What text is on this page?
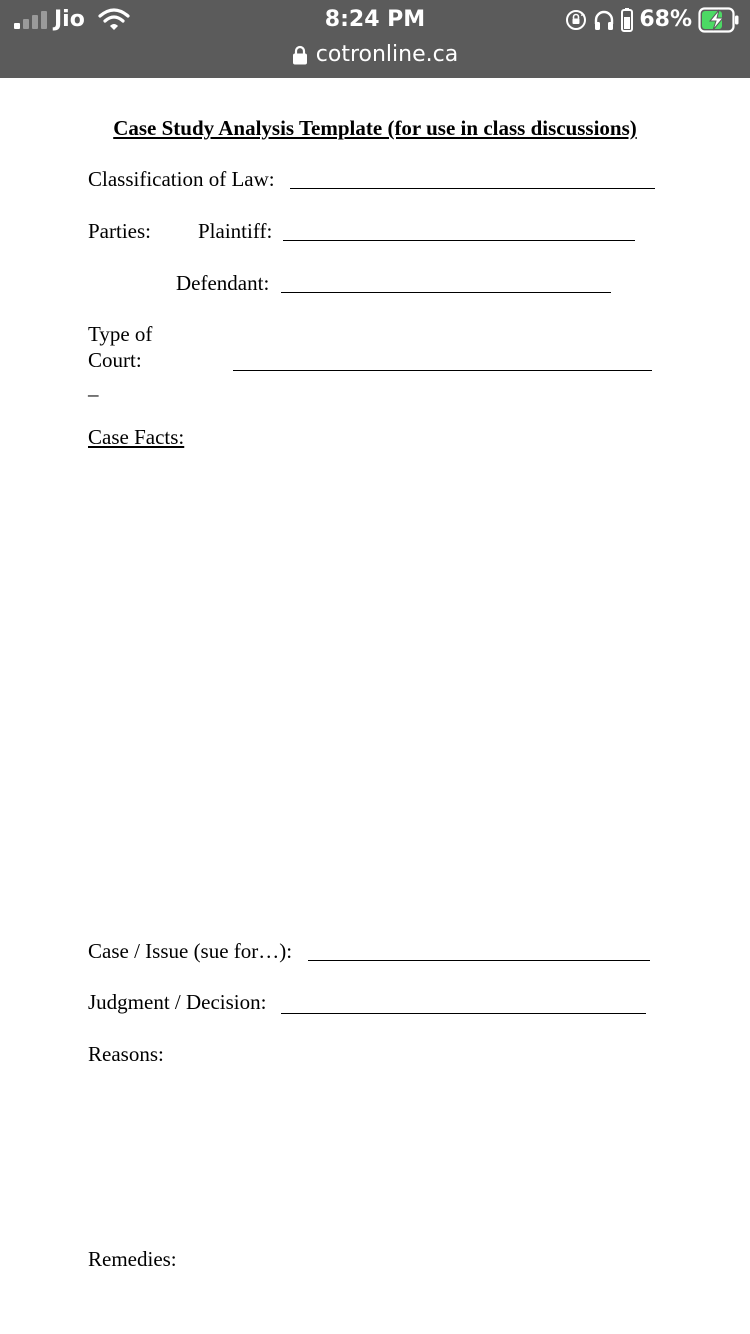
Jio	8:24 PM	68%
cotronline.ca
Case Study Analysis Template (for use in class discussions)
Classification of Law:
Parties: Plaintiff:
Defendant:
Type of
Court:
–
Case Facts:
Case / Issue (sue for…):
Judgment / Decision:
Reasons:
Remedies:
